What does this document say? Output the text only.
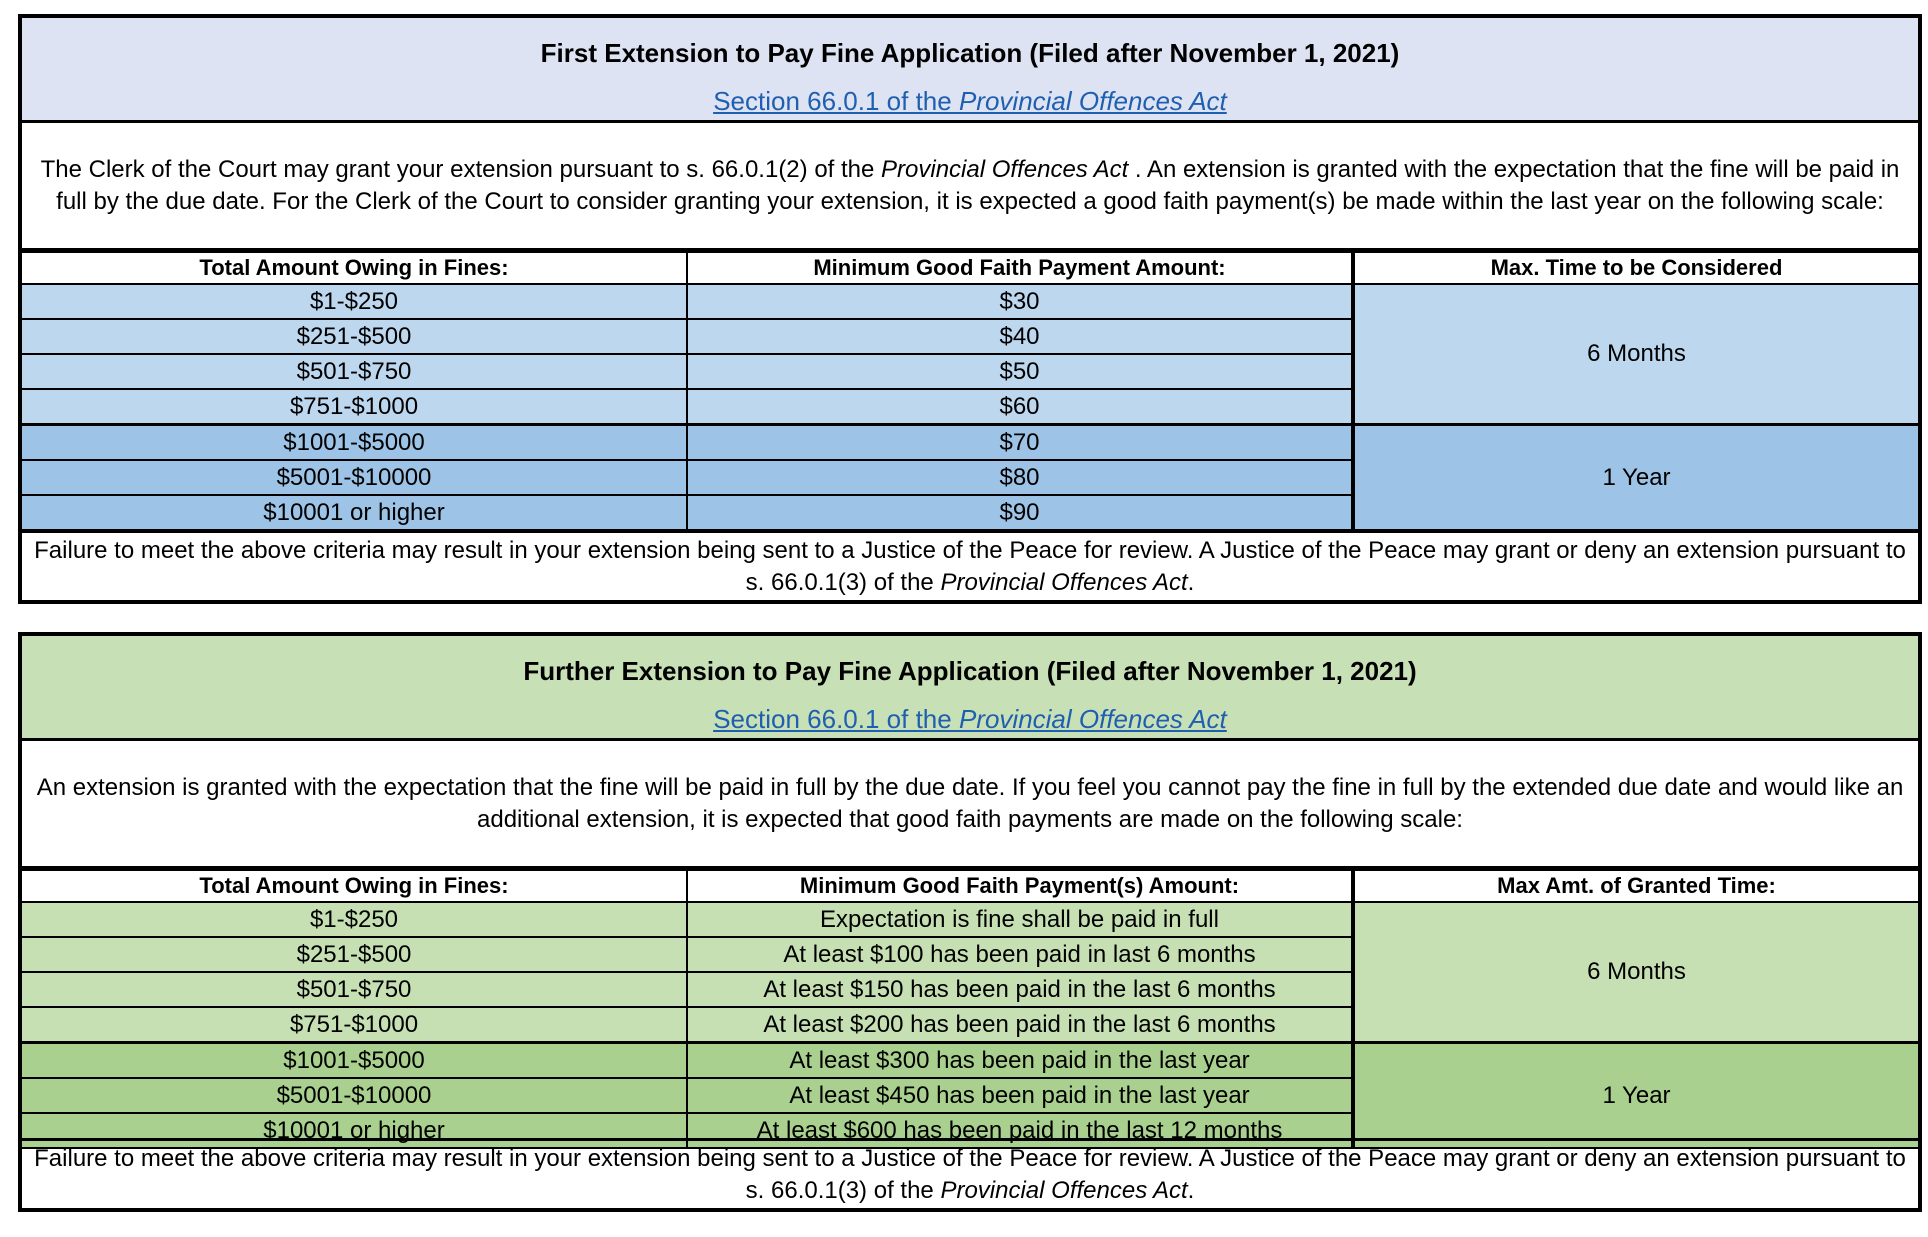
First Extension to Pay Fine Application (Filed after November 1, 2021)
Section 66.0.1 of the Provincial Offences Act
The Clerk of the Court may grant your extension pursuant to s. 66.0.1(2) of the Provincial Offences Act . An extension is granted with the expectation that the fine will be paid in full by the due date. For the Clerk of the Court to consider granting your extension, it is expected a good faith payment(s) be made within the last year on the following scale:
Total Amount Owing in Fines:	Minimum Good Faith Payment Amount:	Max. Time to be Considered
$1-$250	$30	6 Months
$251-$500	$40	
$501-$750	$50	
$751-$1000	$60	
$1001-$5000	$70	1 Year
$5001-$10000	$80	
$10001 or higher	$90	
Failure to meet the above criteria may result in your extension being sent to a Justice of the Peace for review. A Justice of the Peace may grant or deny an extension pursuant to s. 66.0.1(3) of the Provincial Offences Act.
Further Extension to Pay Fine Application (Filed after November 1, 2021)
Section 66.0.1 of the Provincial Offences Act
An extension is granted with the expectation that the fine will be paid in full by the due date. If you feel you cannot pay the fine in full by the extended due date and would like an additional extension, it is expected that good faith payments are made on the following scale:
Total Amount Owing in Fines:	Minimum Good Faith Payment(s) Amount:	Max Amt. of Granted Time:
$1-$250	Expectation is fine shall be paid in full	6 Months
$251-$500	At least $100 has been paid in last 6 months	
$501-$750	At least $150 has been paid in the last 6 months	
$751-$1000	At least $200 has been paid in the last 6 months	
$1001-$5000	At least $300 has been paid in the last year	1 Year
$5001-$10000	At least $450 has been paid in the last year	
$10001 or higher	At least $600 has been paid in the last 12 months	
Failure to meet the above criteria may result in your extension being sent to a Justice of the Peace for review. A Justice of the Peace may grant or deny an extension pursuant to s. 66.0.1(3) of the Provincial Offences Act.
